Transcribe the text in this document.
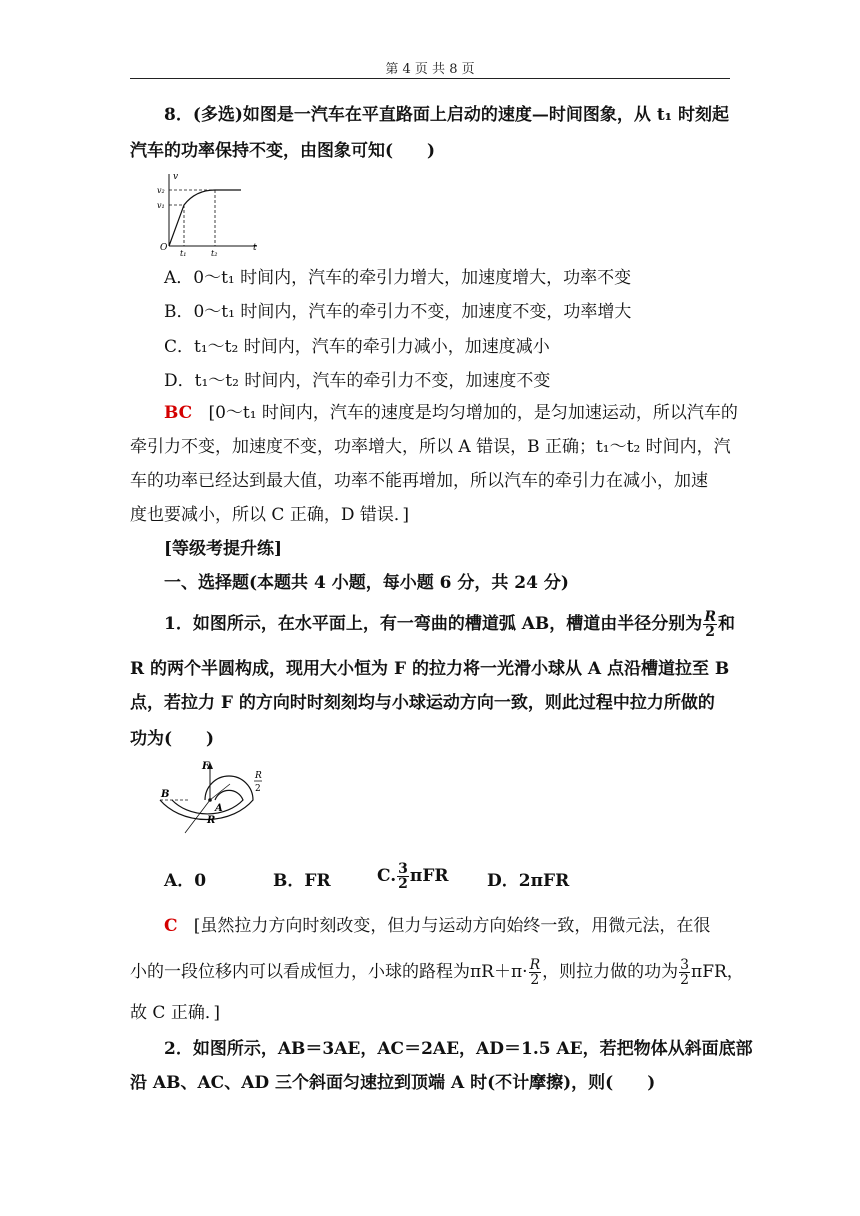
第 4 页 共 8 页
8．(多选)如图是一汽车在平直路面上启动的速度—时间图象，从 t₁ 时刻起
汽车的功率保持不变，由图象可知(　　)
v
v₂
v₁
O
t₁	t₂
t
A．0～t₁ 时间内，汽车的牵引力增大，加速度增大，功率不变
B．0～t₁ 时间内，汽车的牵引力不变，加速度不变，功率增大
C．t₁～t₂ 时间内，汽车的牵引力减小，加速度减小
D．t₁～t₂ 时间内，汽车的牵引力不变，加速度不变
BC [0～t₁ 时间内，汽车的速度是均匀增加的，是匀加速运动，所以汽车的
牵引力不变，加速度不变，功率增大，所以 A 错误，B 正确；t₁～t₂ 时间内，汽
车的功率已经达到最大值，功率不能再增加，所以汽车的牵引力在减小，加速
度也要减小，所以 C 正确，D 错误．]
[等级考提升练]
一、选择题(本题共 4 小题，每小题 6 分，共 24 分)
1．如图所示，在水平面上，有一弯曲的槽道弧 AB，槽道由半径分别为 $\frac{R}{2}$ 和
R 的两个半圆构成，现用大小恒为 F 的拉力将一光滑小球从 A 点沿槽道拉至 B
点，若拉力 F 的方向时时刻刻均与小球运动方向一致，则此过程中拉力所做的
功为(　　)
F
B
A
R
R
2
A．0	B．FR	C. $\frac{3}{2}$ πFR D．2πFR
C [虽然拉力方向时刻改变，但力与运动方向始终一致，用微元法，在很
小的一段位移内可以看成恒力，小球的路程为$\pi R+\pi\cdot \frac{R}{2}$ ，则拉力做的功为 $\frac{3}{2}$ πFR，
故 C 正确．]
2．如图所示，AB＝3AE，AC＝2AE，AD＝1.5 AE，若把物体从斜面底部
沿 AB、AC、AD 三个斜面匀速拉到顶端 A 时(不计摩擦)，则(　　)
